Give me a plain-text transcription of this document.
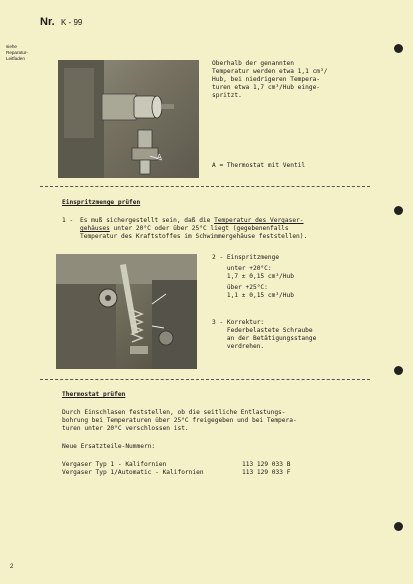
Nr. K - 99
siehe
Reparatur-
Leitfaden
A
Oberhalb der genannten
Temperatur werden etwa 1,1 cm³/
Hub, bei niedrigeren Tempera-
turen etwa 1,7 cm³/Hub einge-
spritzt.
A = Thermostat mit Ventil
Einspritzmenge prüfen
1 - Es muß sichergestellt sein, daß die Temperatur des Vergaser-
gehäuses unter 20°C oder über 25°C liegt (gegebenenfalls
Temperatur des Kraftstoffes im Schwimmergehäuse feststellen).
2 - Einspritzmenge
unter +20°C:
1,7 ± 0,15 cm³/Hub
über +25°C:
1,1 ± 0,15 cm³/Hub
3 - Korrektur:
Federbelastete Schraube
an der Betätigungsstange
verdrehen.
Thermostat prüfen
Durch Einschlasen feststellen, ob die seitliche Entlastungs-
bohrung bei Temperaturen über 25°C freigegeben und bei Tempera-
turen unter 20°C verschlossen ist.
Neue Ersatzteile-Nummern:
Vergaser Typ 1 - Kalifornien	113 129 033 B
Vergaser Typ 1/Automatic - Kalifornien	113 129 033 F
2
